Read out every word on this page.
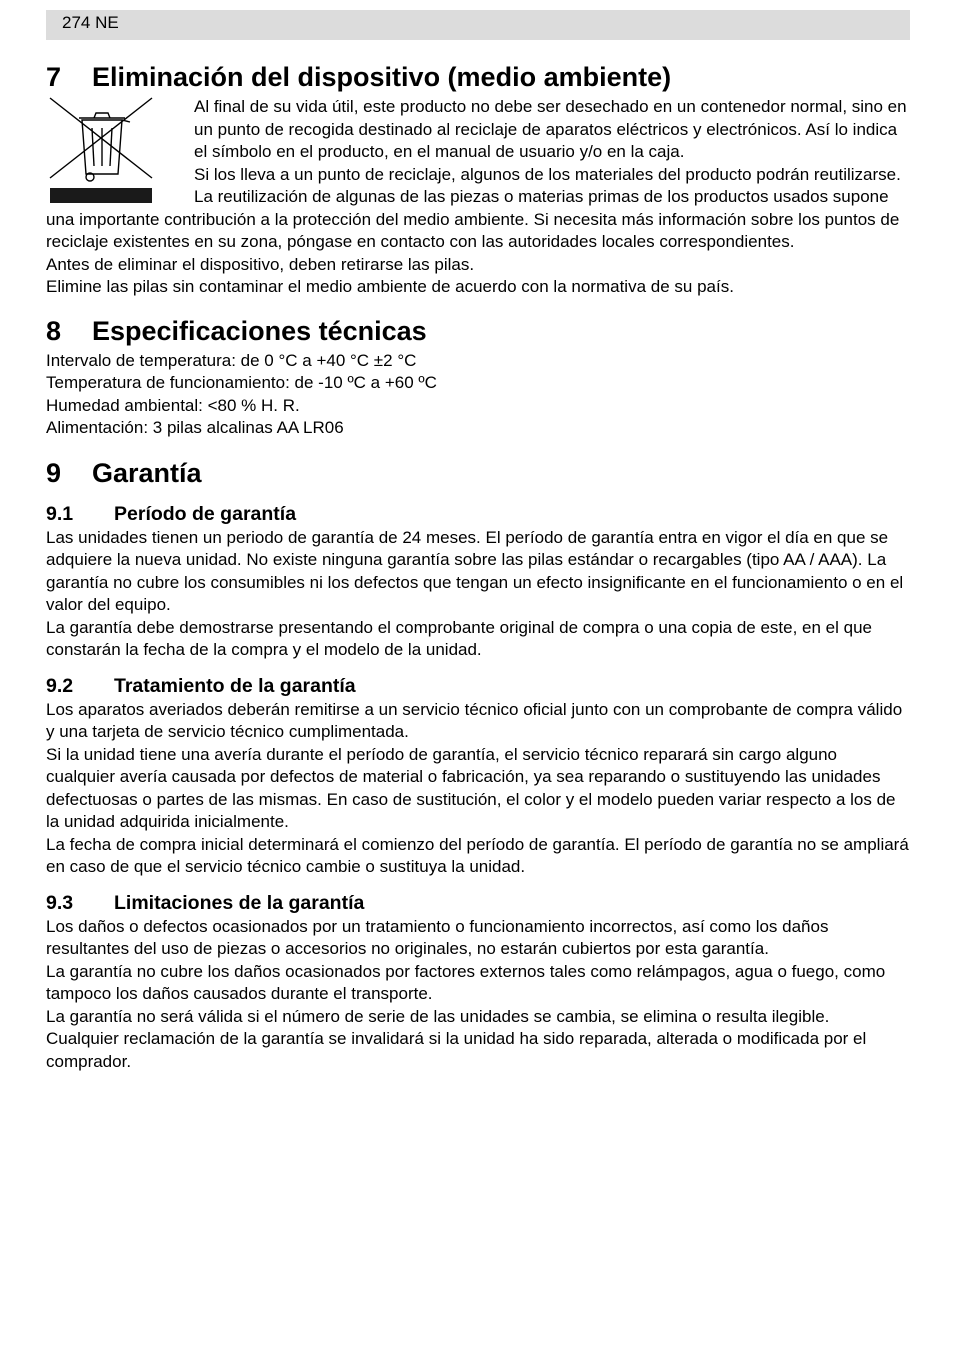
274 NE
7	Eliminación del dispositivo (medio ambiente)

Al final de su vida útil, este producto no debe ser desechado en un contenedor normal, sino en un punto de recogida destinado al reciclaje de aparatos eléctricos y electrónicos. Así lo indica el símbolo en el producto, en el manual de usuario y/o en la caja.

Si los lleva a un punto de reciclaje, algunos de los materiales del producto podrán reutilizarse. La reutilización de algunas de las piezas o materias primas de los productos usados supone una importante contribución a la protección del medio ambiente. Si necesita más información sobre los puntos de reciclaje existentes en su zona, póngase en contacto con las autoridades locales correspondientes.

Antes de eliminar el dispositivo, deben retirarse las pilas.

Elimine las pilas sin contaminar el medio ambiente de acuerdo con la normativa de su país.

8	Especificaciones técnicas

Intervalo de temperatura: de 0 °C a +40 °C ±2 °C

Temperatura de funcionamiento: de -10 ºC a +60 ºC

Humedad ambiental: <80 % H. R.

Alimentación: 3 pilas alcalinas AA LR06

9	Garantía
9.1	Período de garantía

Las unidades tienen un periodo de garantía de 24 meses. El período de garantía entra en vigor el día en que se adquiere la nueva unidad. No existe ninguna garantía sobre las pilas estándar o recargables (tipo AA / AAA). La garantía no cubre los consumibles ni los defectos que tengan un efecto insignificante en el funcionamiento o en el valor del equipo.

La garantía debe demostrarse presentando el comprobante original de compra o una copia de este, en el que constarán la fecha de la compra y el modelo de la unidad.

9.2	Tratamiento de la garantía

Los aparatos averiados deberán remitirse a un servicio técnico oficial junto con un comprobante de compra válido y una tarjeta de servicio técnico cumplimentada.

Si la unidad tiene una avería durante el período de garantía, el servicio técnico reparará sin cargo alguno cualquier avería causada por defectos de material o fabricación, ya sea reparando o sustituyendo las unidades defectuosas o partes de las mismas. En caso de sustitución, el color y el modelo pueden variar respecto a los de la unidad adquirida inicialmente.

La fecha de compra inicial determinará el comienzo del período de garantía. El período de garantía no se ampliará en caso de que el servicio técnico cambie o sustituya la unidad.

9.3	Limitaciones de la garantía

Los daños o defectos ocasionados por un tratamiento o funcionamiento incorrectos, así como los daños resultantes del uso de piezas o accesorios no originales, no estarán cubiertos por esta garantía.

La garantía no cubre los daños ocasionados por factores externos tales como relámpagos, agua o fuego, como tampoco los daños causados durante el transporte.

La garantía no será válida si el número de serie de las unidades se cambia, se elimina o resulta ilegible.

Cualquier reclamación de la garantía se invalidará si la unidad ha sido reparada, alterada o modificada por el comprador.
